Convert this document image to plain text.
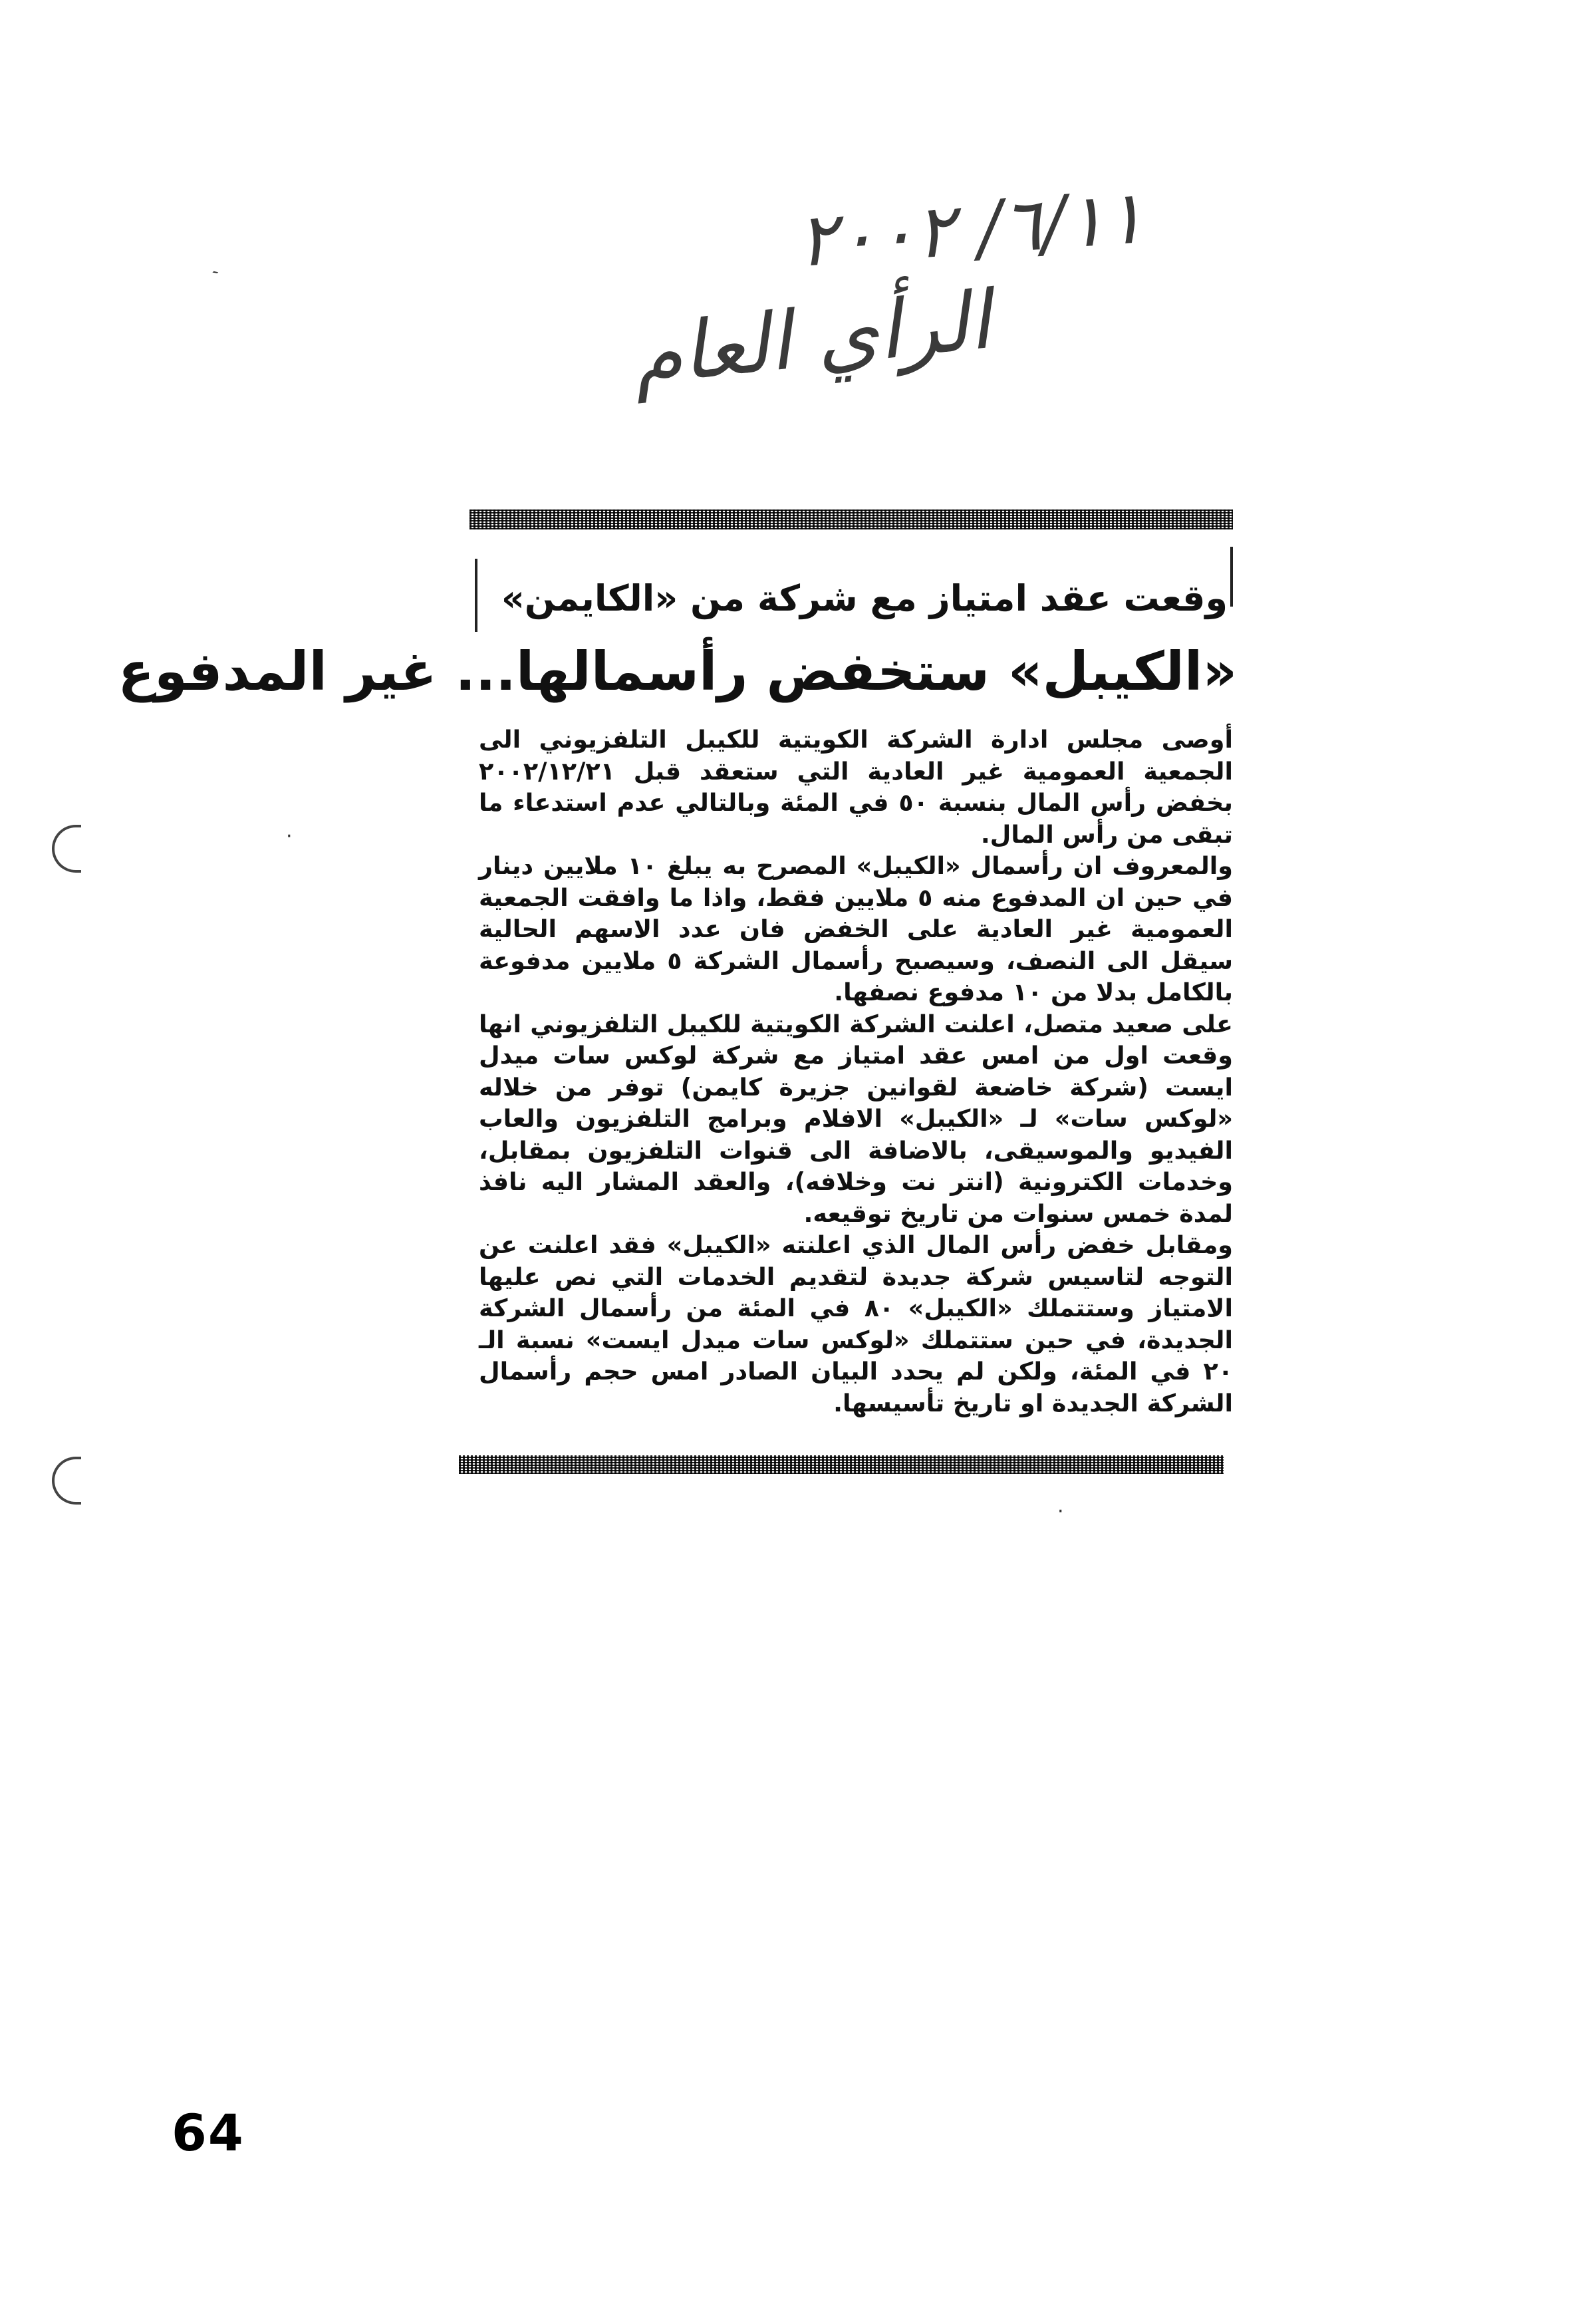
٦/١١/ ٢٠٠٢
الرأي العام
`
·
·
وقعت عقد امتياز مع شركة من «الكايمن»
«الكيبل» ستخفض رأسمالها... غير المدفوع

أوصى مجلس ادارة الشركة الكويتية للكيبل التلفزيوني الى الجمعية العمومية غير العادية التي ستعقد قبل ٢٠٠٢/١٢/٢١ بخفض رأس المال بنسبة ٥٠ في المئة وبالتالي عدم استدعاء ما تبقى من رأس المال.

والمعروف ان رأسمال «الكيبل» المصرح به يبلغ ١٠ ملايين دينار في حين ان المدفوع منه ٥ ملايين فقط، واذا ما وافقت الجمعية العمومية غير العادية على الخفض فان عدد الاسهم الحالية سيقل الى النصف، وسيصبح رأسمال الشركة ٥ ملايين مدفوعة بالكامل بدلا من ١٠ مدفوع نصفها.

على صعيد متصل، اعلنت الشركة الكويتية للكيبل التلفزيوني انها وقعت اول من امس عقد امتياز مع شركة لوكس سات ميدل ايست (شركة خاضعة لقوانين جزيرة كايمن) توفر من خلاله «لوكس سات» لـ «الكيبل» الافلام وبرامج التلفزيون والعاب الفيديو والموسيقى، بالاضافة الى قنوات التلفزيون بمقابل، وخدمات الكترونية (انتر نت وخلافه)، والعقد المشار اليه نافذ لمدة خمس سنوات من تاريخ توقيعه.

ومقابل خفض رأس المال الذي اعلنته «الكيبل» فقد اعلنت عن التوجه لتاسيس شركة جديدة لتقديم الخدمات التي نص عليها الامتياز وستتملك «الكيبل» ٨٠ في المئة من رأسمال الشركة الجديدة، في حين ستتملك «لوكس سات ميدل ايست» نسبة الـ ٢٠ في المئة، ولكن لم يحدد البيان الصادر امس حجم رأسمال الشركة الجديدة او تاريخ تأسيسها.

64
